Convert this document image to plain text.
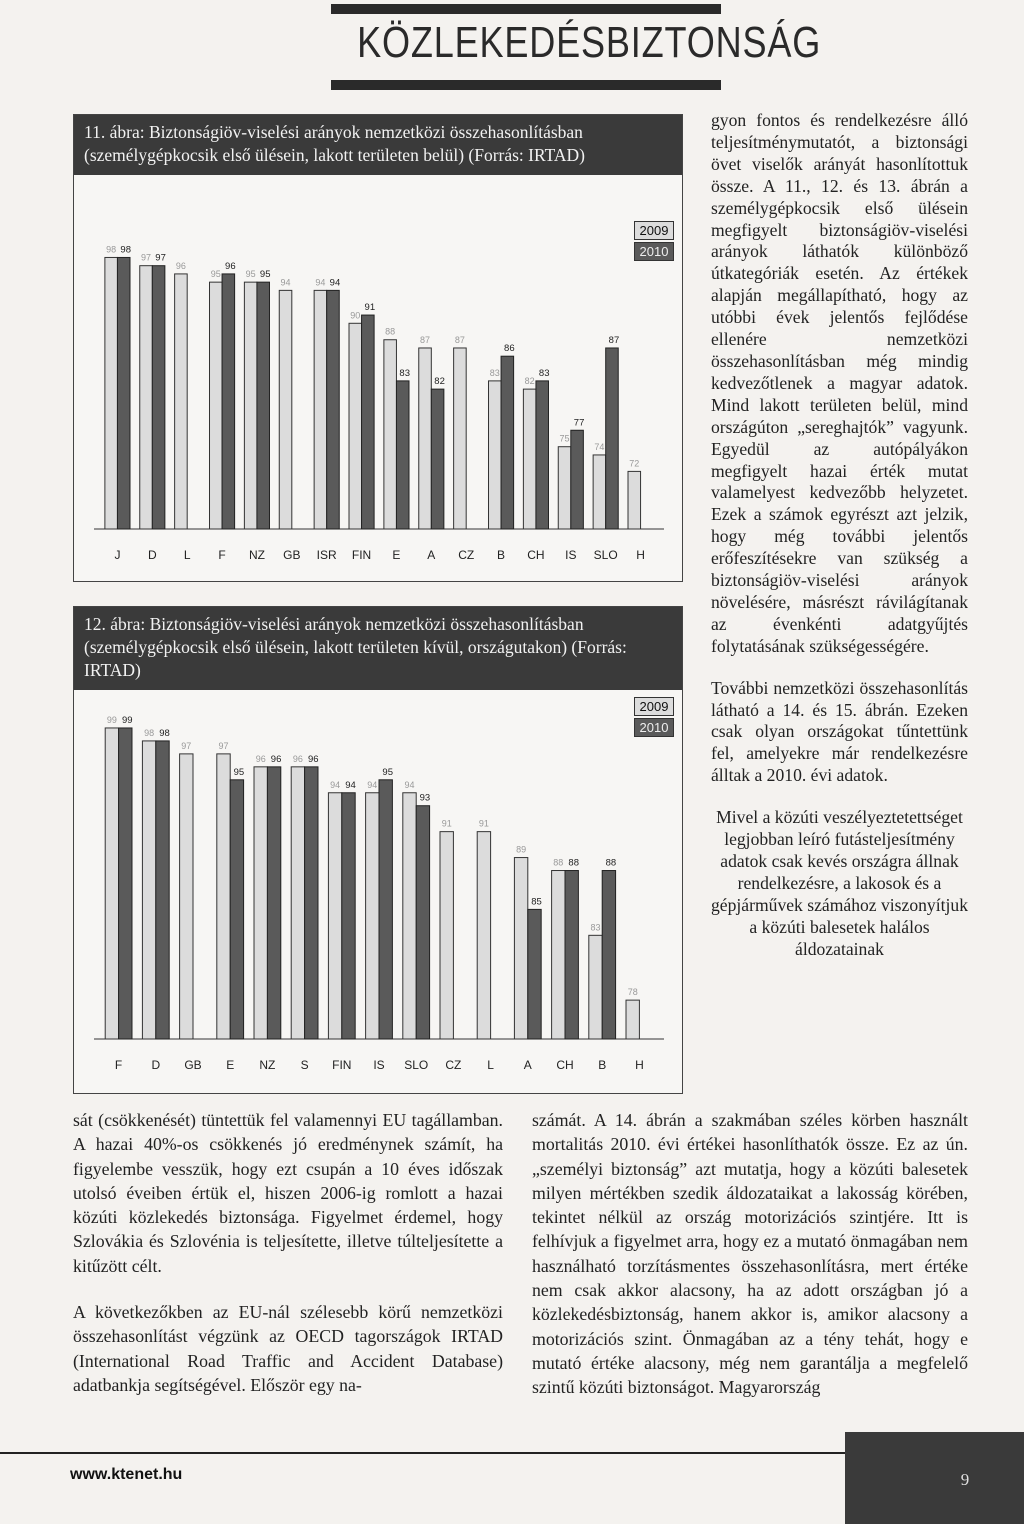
KÖZLEKEDÉSBIZTONSÁG
11. ábra: Biztonságiöv-viselési arányok nemzetközi összehasonlításban (személygépkocsik első ülésein, lakott területen belül) (Forrás: IRTAD)
2009
2010
98 98
J
97 97
D
96
L
95
96
F
95 95
NZ
94
GB
94 94
ISR
90
91
FIN
88
83
E
87
82
A
87
CZ
83
86
B
82
83
CH
75
77
IS
74
87
SLO
72
H
12. ábra: Biztonságiöv-viselési arányok nemzetközi összehasonlításban (személygépkocsik első ülésein, lakott területen kívül, országutakon) (Forrás: IRTAD)
2009
2010
99 99
F
98 98
D
97
GB
97
95
E
96 96
NZ
96 96
S
94 94
FIN
94
95
IS
94
93
SLO
91
CZ
91
L
89
85
A
88 88
CH
83
88
B
78
H

gyon fontos és rendelkezésre álló teljesítménymutatót, a biztonsági övet viselők arányát hasonlítottuk össze. A 11., 12. és 13. ábrán a személygépkocsik első ülésein megfigyelt biztonságiöv-viselési arányok láthatók különböző útkategóriák esetén. Az értékek alapján megállapítható, hogy az utóbbi évek jelentős fejlődése ellenére nemzetközi összehasonlításban még mindig kedvezőtlenek a magyar adatok. Mind lakott területen belül, mind országúton „sereghajtók” vagyunk. Egyedül az autópályákon megfigyelt hazai érték mutat valamelyest kedvezőbb helyzetet. Ezek a számok egyrészt azt jelzik, hogy még további jelentős erőfeszítésekre van szükség a biztonságiöv-viselési arányok növelésére, másrészt rávilágítanak az évenkénti adatgyűjtés folytatásának szükségességére.

További nemzetközi összehasonlítás látható a 14. és 15. ábrán. Ezeken csak olyan országokat tűntettünk fel, amelyekre már rendelkezésre álltak a 2010. évi adatok.

Mivel a közúti veszélyeztetettséget legjobban leíró futásteljesítmény adatok csak kevés országra állnak rendelkezésre, a lakosok és a gépjárművek számához viszonyítjuk a közúti balesetek halálos áldozatainak

sát (csökkenését) tüntettük fel valamennyi EU tagállamban. A hazai 40%-os csökkenés jó eredménynek számít, ha figyelembe vesszük, hogy ezt csupán a 10 éves időszak utolsó éveiben értük el, hiszen 2006-ig romlott a hazai közúti közlekedés biztonsága. Figyelmet érdemel, hogy Szlovákia és Szlovénia is teljesítette, illetve túlteljesítette a kitűzött célt.

A következőkben az EU-nál szélesebb körű nemzetközi összehasonlítást végzünk az OECD tagországok IRTAD (International Road Traffic and Accident Database) adatbankja segítségével. Először egy na-

számát. A 14. ábrán a szakmában széles körben használt mortalitás 2010. évi értékei hasonlíthatók össze. Ez az ún. „személyi biztonság” azt mutatja, hogy a közúti balesetek milyen mértékben szedik áldozataikat a lakosság körében, tekintet nélkül az ország motorizációs szintjére. Itt is felhívjuk a figyelmet arra, hogy ez a mutató önmagában nem használható torzításmentes összehasonlításra, mert értéke nem csak akkor alacsony, ha az adott országban jó a közlekedésbiztonság, hanem akkor is, amikor alacsony a motorizációs szint. Önmagában az a tény tehát, hogy e mutató értéke alacsony, még nem garantálja a megfelelő szintű közúti biztonságot. Magyarország

www.ktenet.hu	9
